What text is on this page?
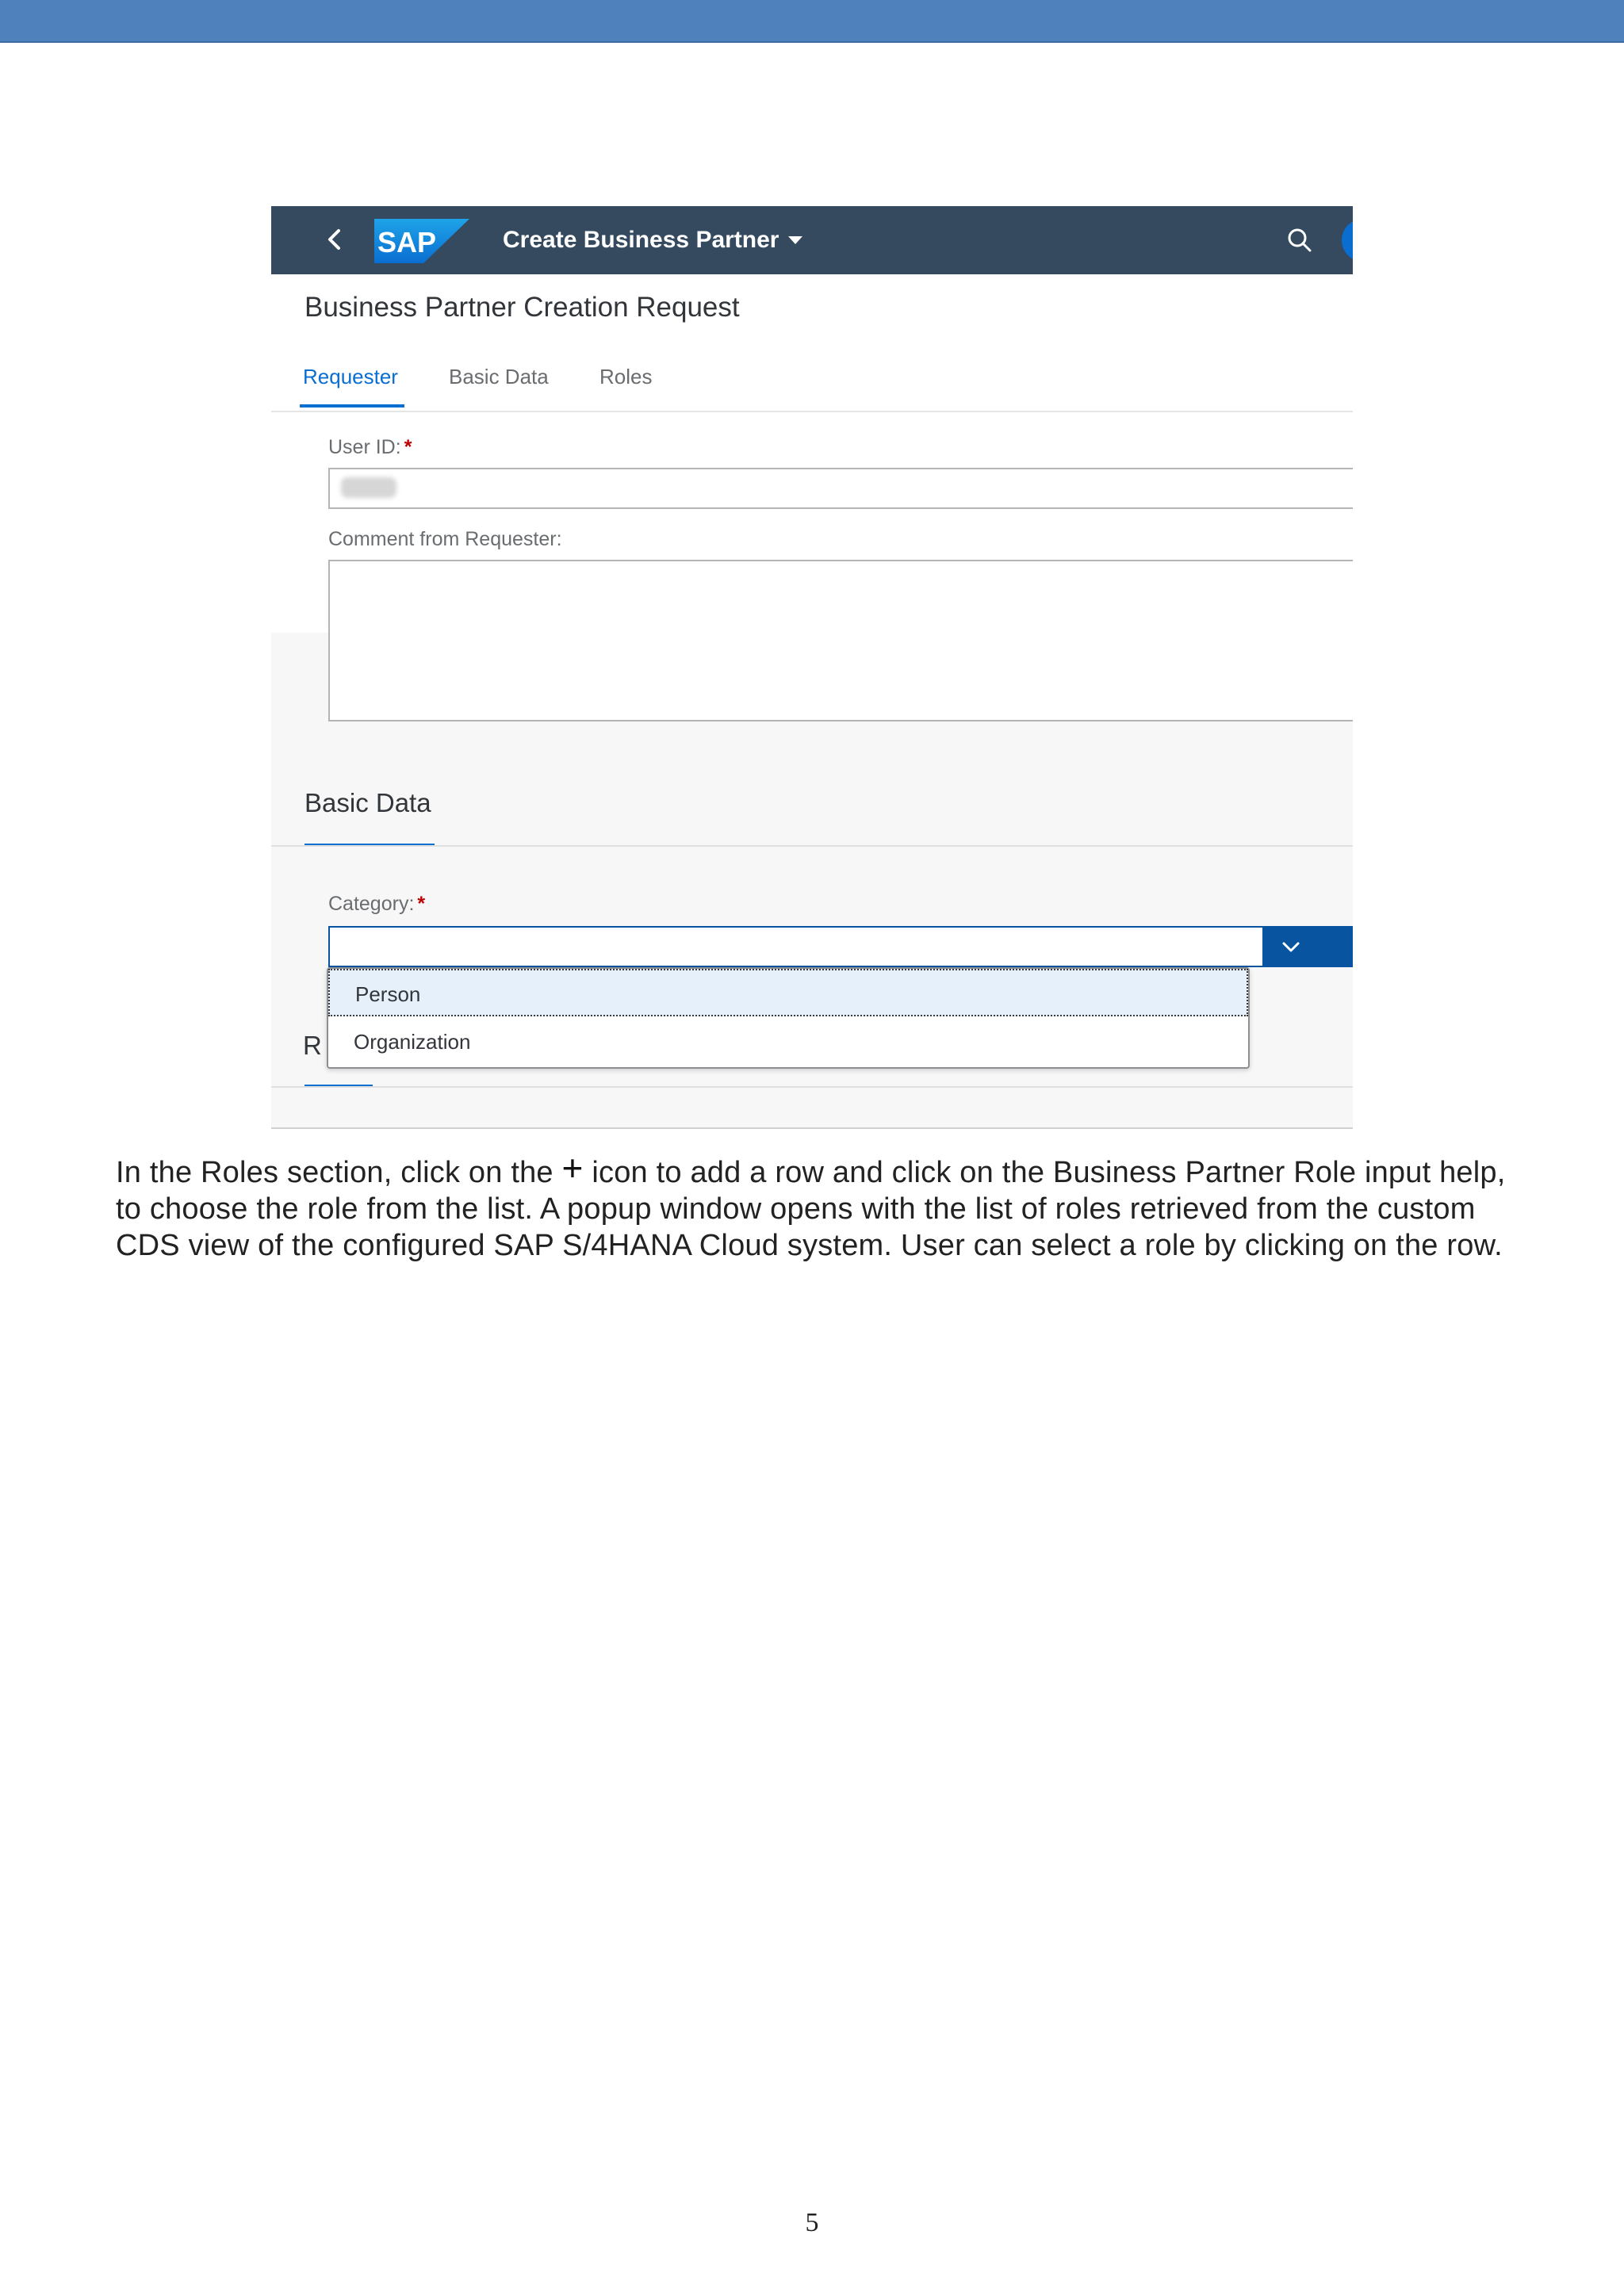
SAP	Create Business Partner
Business Partner Creation Request
Requester Basic Data Roles
User ID: *
Comment from Requester:
Basic Data
Category: *
R
Person
Organization
In the Roles section, click on the + icon to add a row and click on the Business Partner Role input help, to choose the role from the list. A popup window opens with the list of roles retrieved from the custom CDS view of the configured SAP S/4HANA Cloud system. User can select a role by clicking on the row.
5
